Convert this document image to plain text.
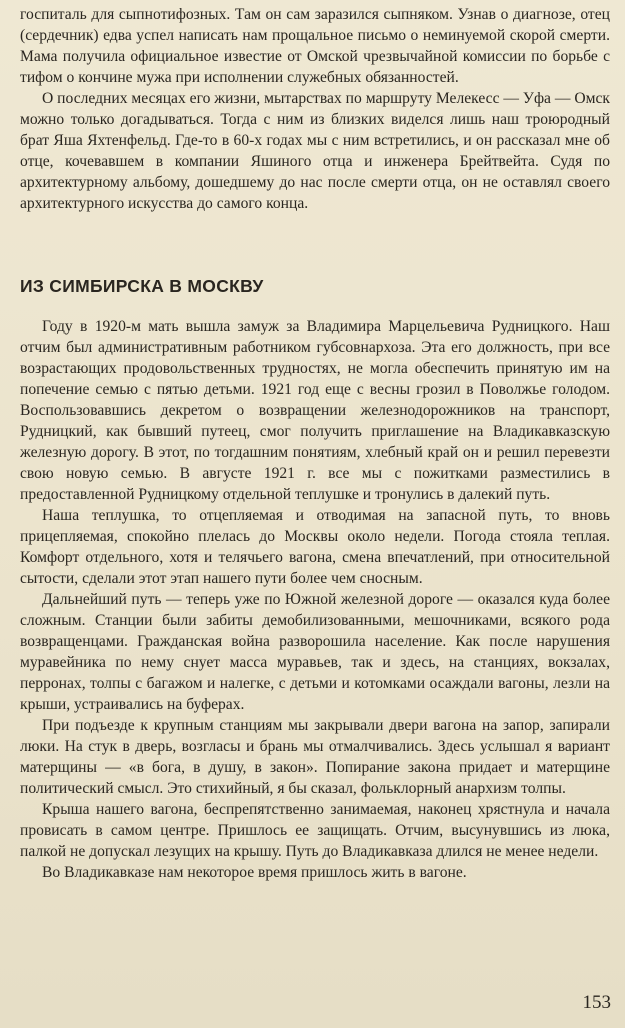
госпиталь для сыпнотифозных. Там он сам заразился сыпняком. Узнав о диагнозе, отец (сердечник) едва успел написать нам прощальное письмо о неминуемой скорой смерти. Мама получила официальное известие от Омской чрезвычайной комиссии по борьбе с тифом о кончине мужа при исполнении служебных обязанностей.

О последних месяцах его жизни, мытарствах по маршруту Мелекесс — Уфа — Омск можно только догадываться. Тогда с ним из близких виделся лишь наш троюродный брат Яша Яхтенфельд. Где-то в 60-х годах мы с ним встретились, и он рассказал мне об отце, кочевавшем в компании Яшиного отца и инженера Брейтвейта. Судя по архитектурному альбому, дошедшему до нас после смерти отца, он не оставлял своего архитектурного искусства до самого конца.

ИЗ СИМБИРСКА В МОСКВУ

Году в 1920-м мать вышла замуж за Владимира Марцельевича Рудницкого. Наш отчим был административным работником губсовнархоза. Эта его должность, при все возрастающих продовольственных трудностях, не могла обеспечить принятую им на попечение семью с пятью детьми. 1921 год еще с весны грозил в Поволжье голодом. Воспользовавшись декретом о возвращении железнодорожников на транспорт, Рудницкий, как бывший путеец, смог получить приглашение на Владикавказскую железную дорогу. В этот, по тогдашним понятиям, хлебный край он и решил перевезти свою новую семью. В августе 1921 г. все мы с пожитками разместились в предоставленной Рудницкому отдельной теплушке и тронулись в далекий путь.

Наша теплушка, то отцепляемая и отводимая на запасной путь, то вновь прицепляемая, спокойно плелась до Москвы около недели. Погода стояла теплая. Комфорт отдельного, хотя и телячьего вагона, смена впечатлений, при относительной сытости, сделали этот этап нашего пути более чем сносным.

Дальнейший путь — теперь уже по Южной железной дороге — оказался куда более сложным. Станции были забиты демобилизованными, мешочниками, всякого рода возвращенцами. Гражданская война разворошила население. Как после нарушения муравейника по нему снует масса муравьев, так и здесь, на станциях, вокзалах, перронах, толпы с багажом и налегке, с детьми и котомками осаждали вагоны, лезли на крыши, устраивались на буферах.

При подъезде к крупным станциям мы закрывали двери вагона на запор, запирали люки. На стук в дверь, возгласы и брань мы отмалчивались. Здесь услышал я вариант матерщины — «в бога, в душу, в закон». Попирание закона придает и матерщине политический смысл. Это стихийный, я бы сказал, фольклорный анархизм толпы.

Крыша нашего вагона, беспрепятственно занимаемая, наконец хрястнула и начала провисать в самом центре. Пришлось ее защищать. Отчим, высунувшись из люка, палкой не допускал лезущих на крышу. Путь до Владикавказа длился не менее недели.

Во Владикавказе нам некоторое время пришлось жить в вагоне.

153
